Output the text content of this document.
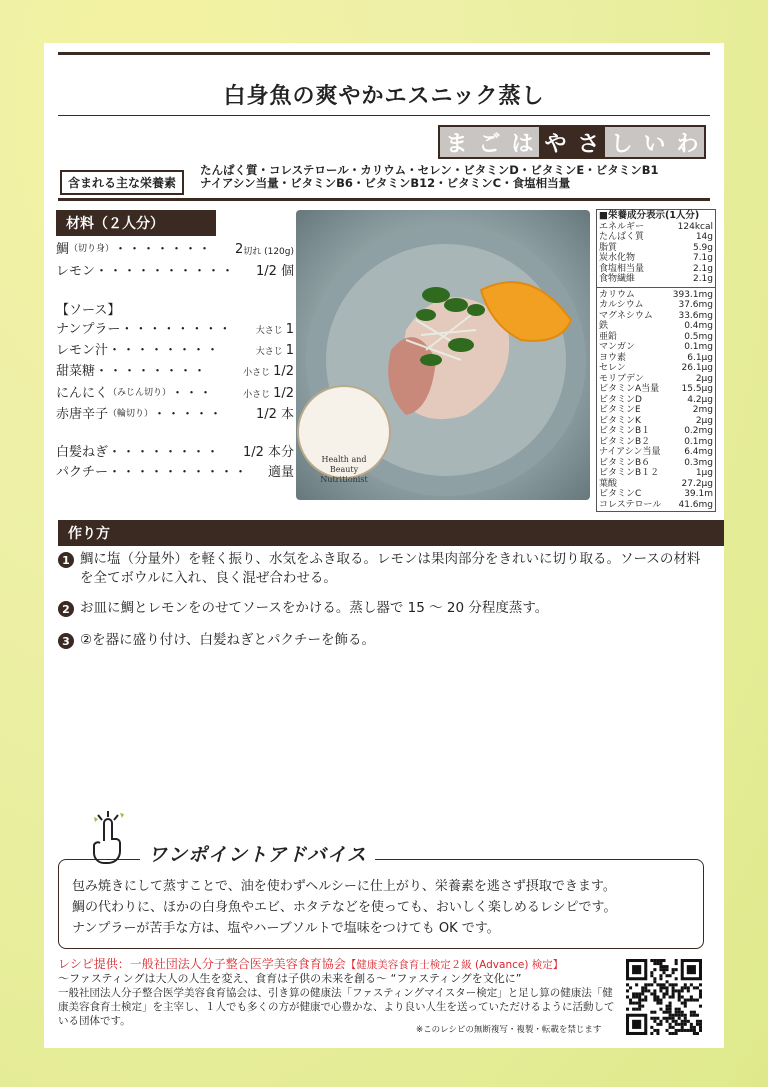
白身魚の爽やかエスニック蒸し
ま ご は や さ し い わ
含まれる主な栄養素
たんぱく質・コレステロール・カリウム・セレン・ビタミンD・ビタミンE・ビタミンB1
ナイアシン当量・ビタミンB6・ビタミンB12・ビタミンC・食塩相当量
材料（２人分）
鯛 （切り身） ・・・・・・・	2 切れ (120g)
レモン ・・・・・・・・・・	1/2 個
【ソース】
ナンプラー ・・・・・・・・	大さじ 1
レモン汁 ・・・・・・・・	大さじ 1
甜菜糖 ・・・・・・・・	小さじ 1/2
にんにく （みじん切り） ・・・	小さじ 1/2
赤唐辛子 （輪切り） ・・・・・	1/2 本
白髪ねぎ ・・・・・・・・	1/2 本分
パクチー ・・・・・・・・・・	適量
Health and
Beauty Nutritionist
■栄養成分表示(1人分)
エネルギー	124kcal
たんぱく質	14g
脂質	5.9g
炭水化物	7.1g
食塩相当量	2.1g
食物繊維	2.1g
カリウム	393.1mg
カルシウム	37.6mg
マグネシウム	33.6mg
鉄	0.4mg
亜鉛	0.5mg
マンガン	0.1mg
ヨウ素	6.1μg
セレン	26.1μg
モリブデン	2μg
ビタミンA当量 15.5μg
ビタミンD	4.2μg
ビタミンE	2mg
ビタミンK	2μg
ビタミンB１	0.2mg
ビタミンB２	0.1mg
ナイアシン当量	6.4mg
ビタミンB６	0.3mg
ビタミンB１２	1μg
葉酸	27.2μg
ビタミンC	39.1m
コレステロール 41.6mg
作り方
1 鯛に塩（分量外）を軽く振り、水気をふき取る。レモンは果肉部分をきれいに切り取る。ソースの材料を全てボウルに入れ、良く混ぜ合わせる。
2 お皿に鯛とレモンをのせてソースをかける。蒸し器で 15 ～ 20 分程度蒸す。
3 ②を器に盛り付け、白髪ねぎとパクチーを飾る。
ワンポイントアドバイス
包み焼きにして蒸すことで、油を使わずヘルシーに仕上がり、栄養素を逃さず摂取できます。
鯛の代わりに、ほかの白身魚やエビ、ホタテなどを使っても、おいしく楽しめるレシピです。
ナンプラーが苦手な方は、塩やハーブソルトで塩味をつけても OK です。
レシピ提供：一般社団法人分子整合医学美容食育協会【健康美容食育士検定２級 (Advance) 検定】
～ファスティングは大人の人生を変え、食育は子供の未来を創る～ “ファスティングを文化に”
一般社団法人分子整合医学美容食育協会は、引き算の健康法「ファスティングマイスター検定」と足し算の健康法「健康美容食育士検定」を主宰し、１人でも多くの方が健康で心豊かな、より良い人生を送っていただけるように活動している団体です。
※このレシピの無断複写・複製・転載を禁じます
